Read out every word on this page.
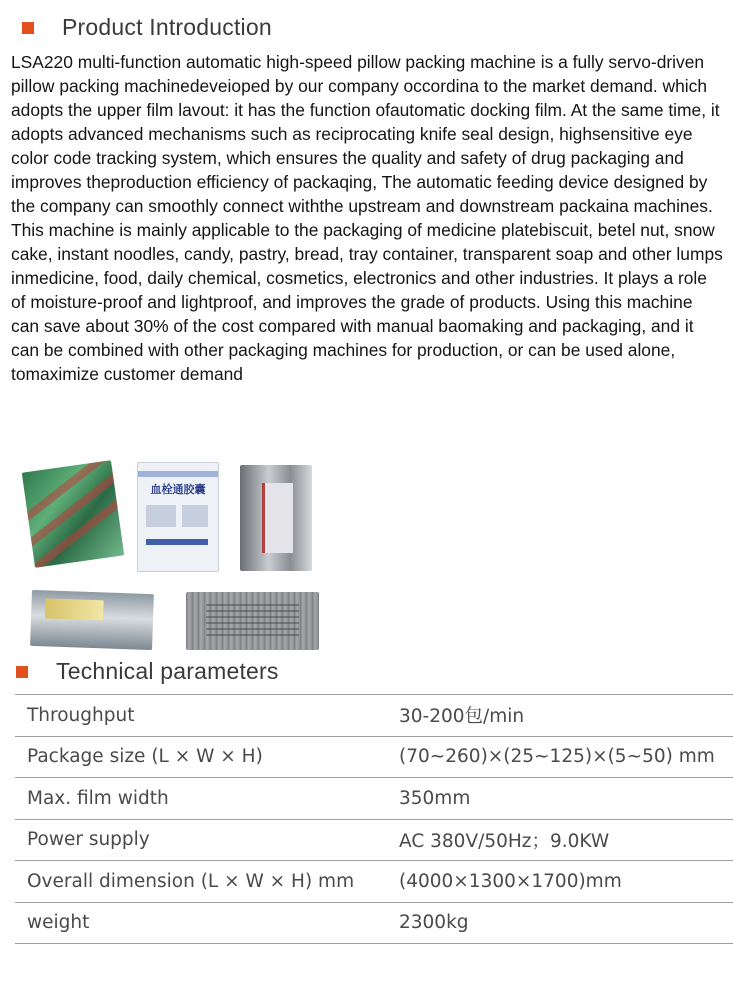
Product Introduction

LSA220 multi-function automatic high-speed pillow packing machine is a fully servo-driven pillow packing machinedeveioped by our company occordina to the market demand. which adopts the upper film lavout: it has the function ofautomatic docking film. At the same time, it adopts advanced mechanisms such as reciprocating knife seal design, highsensitive eye color code tracking system, which ensures the quality and safety of drug packaging and improves theproduction efficiency of packaqing, The automatic feeding device designed by the company can smoothly connect withthe upstream and downstream packaina machines. This machine is mainly applicable to the packaging of medicine platebiscuit, betel nut, snow cake, instant noodles, candy, pastry, bread, tray container, transparent soap and other lumps inmedicine, food, daily chemical, cosmetics, electronics and other industries. It plays a role of moisture-proof and lightproof, and improves the grade of products. Using this machine can save about 30% of the cost compared with manual baomaking and packaging, and it can be combined with other packaging machines for production, or can be used alone, tomaximize customer demand

血栓通胶囊
Technical parameters
Throughput	30-200包/min
Package size (L × W × H)	(70~260)×(25~125)×(5~50) mm
Max. film width	350mm
Power supply	AC 380V/50Hz；9.0KW
Overall dimension (L × W × H) mm	(4000×1300×1700)mm
weight	2300kg
